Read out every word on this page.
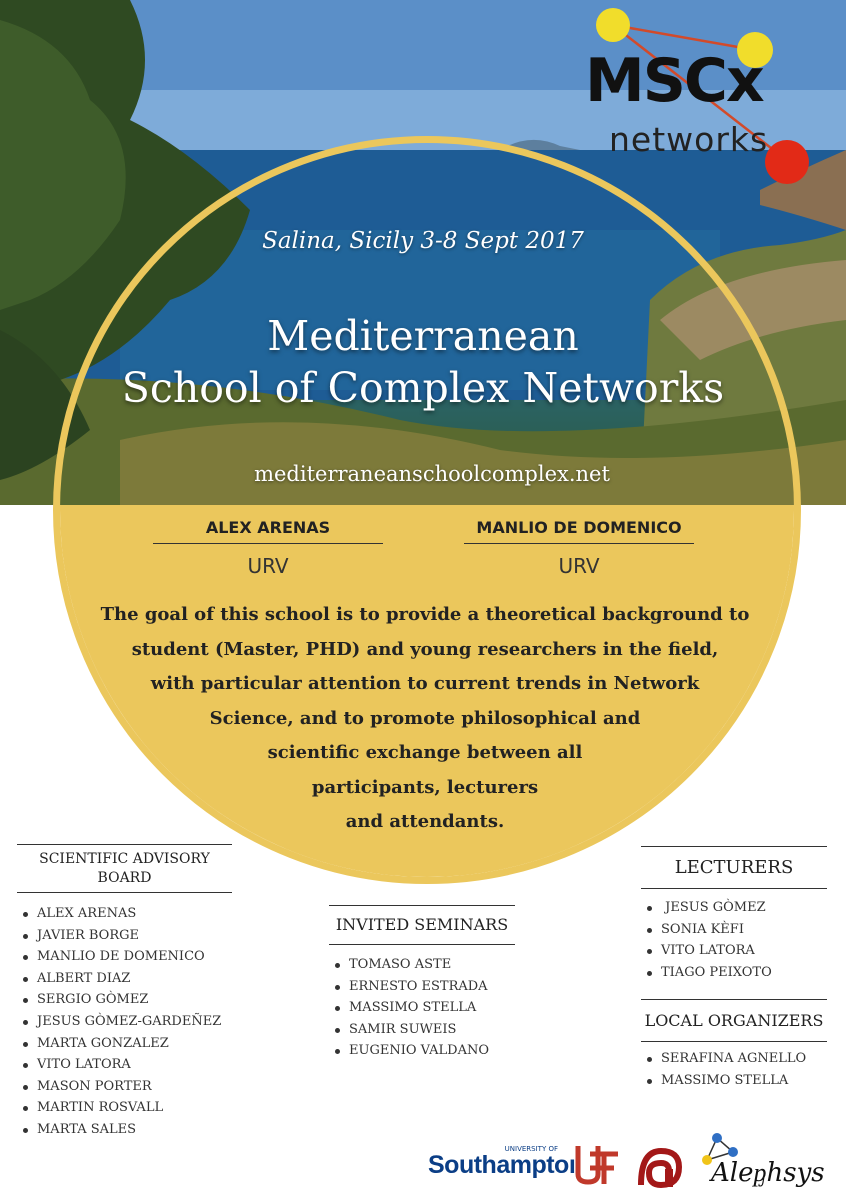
MSCx
networks
Salina, Sicily 3-8 Sept 2017
Mediterranean
School of Complex Networks
mediterraneanschoolcomplex.net
ALEX ARENAS
URV
MANLIO DE DOMENICO
URV
The goal of this school is to provide a theoretical background to
student (Master, PHD) and young researchers in the field,
with particular attention to current trends in Network
Science, and to promote philosophical and
scientific exchange between all
participants, lecturers
and attendants.
SCIENTIFIC ADVISORY
BOARD
ALEX ARENAS
JAVIER BORGE
MANLIO DE DOMENICO
ALBERT DIAZ
SERGIO GÒMEZ
JESUS GÒMEZ-GARDEÑEZ
MARTA GONZALEZ
VITO LATORA
MASON PORTER
MARTIN ROSVALL
MARTA SALES
INVITED SEMINARS
TOMASO ASTE
ERNESTO ESTRADA
MASSIMO STELLA
SAMIR SUWEIS
EUGENIO VALDANO
LECTURERS
JESUS GÒMEZ
SONIA KÈFI
VITO LATORA
TIAGO PEIXOTO
LOCAL ORGANIZERS
SERAFINA AGNELLO
MASSIMO STELLA
UNIVERSITY OF
Southamptoı	Aleᶈhsys
